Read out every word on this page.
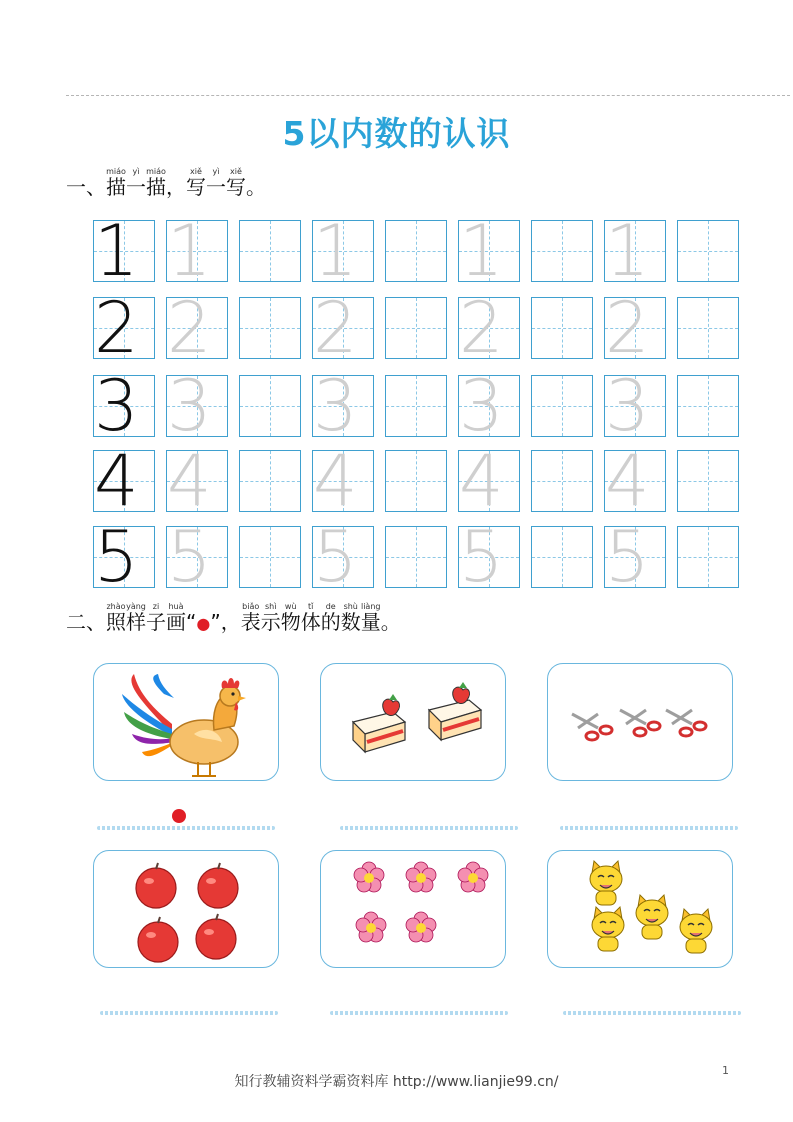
5以内数的认识
一、描miáo一yì描miáo，写xiě一yì写xiě。
1 1 1 1 1
2 2 2 2 2
3 3 3 3 3
4 4 4 4 4
5 5 5 5 5
二、照zhào样yàng子zi画huà“●”，表biǎo示shì物wù体tǐ的de数shù量liàng。
知行教辅资料学霸资料库 http://www.lianjie99.cn/
1
